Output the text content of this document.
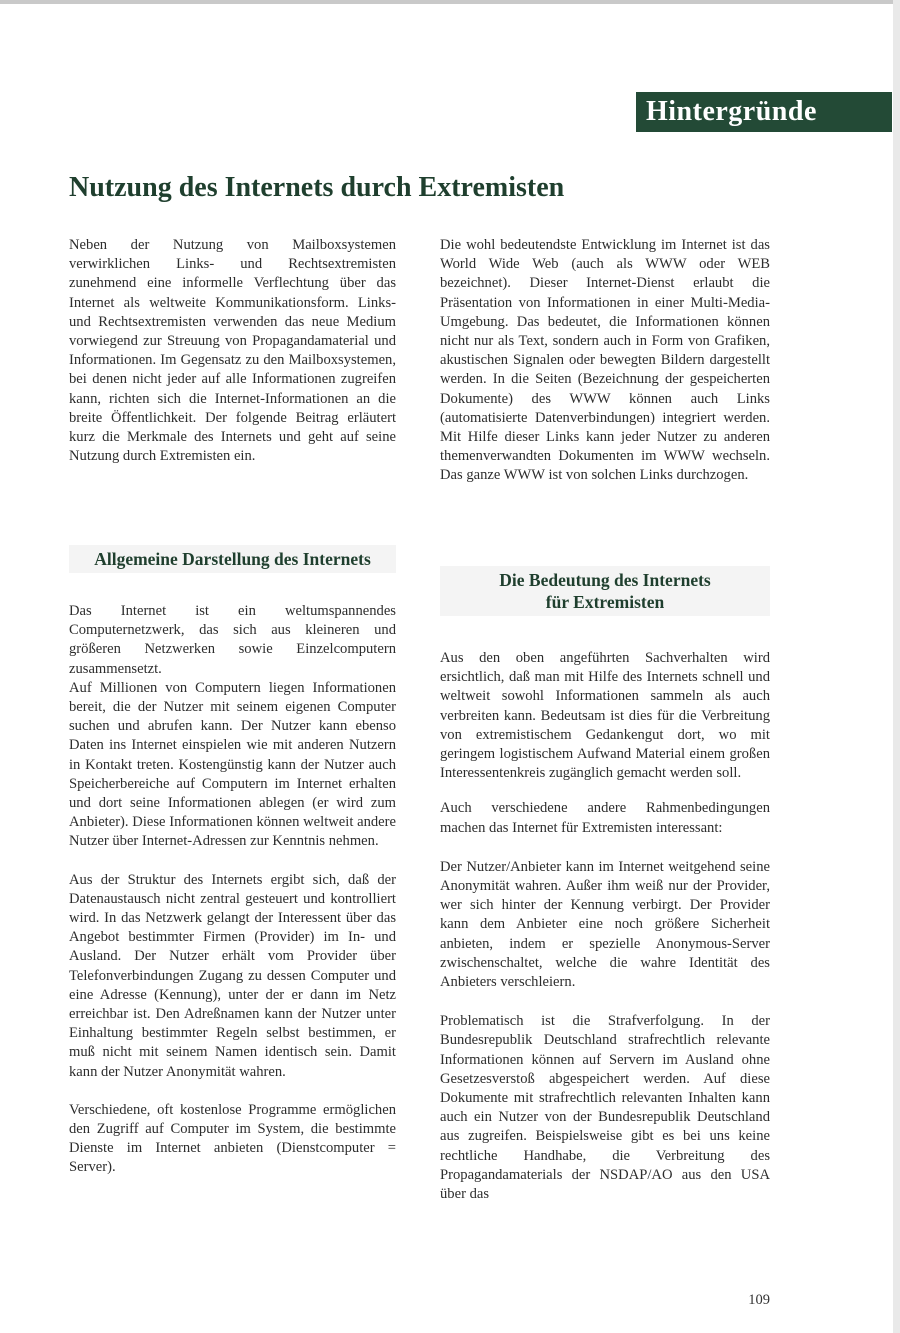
Hintergründe
Nutzung des Internets durch Extremisten

Neben der Nutzung von Mailboxsystemen verwirklichen Links- und Rechtsextremisten zunehmend eine informelle Verflechtung über das Internet als weltweite Kommunikationsform. Links- und Rechtsextremisten verwenden das neue Medium vorwiegend zur Streuung von Propagandamaterial und Informationen. Im Gegensatz zu den Mailboxsystemen, bei denen nicht jeder auf alle Informationen zugreifen kann, richten sich die Internet-Informationen an die breite Öffentlichkeit. Der folgende Beitrag erläutert kurz die Merkmale des Internets und geht auf seine Nutzung durch Extremisten ein.

Die wohl bedeutendste Entwicklung im Internet ist das World Wide Web (auch als WWW oder WEB bezeichnet). Dieser Internet-Dienst erlaubt die Präsentation von Informationen in einer Multi-Media-Umgebung. Das bedeutet, die Informationen können nicht nur als Text, sondern auch in Form von Grafiken, akustischen Signalen oder bewegten Bildern dargestellt werden. In die Seiten (Bezeichnung der gespeicherten Dokumente) des WWW können auch Links (automatisierte Datenverbindungen) integriert werden. Mit Hilfe dieser Links kann jeder Nutzer zu anderen themenverwandten Dokumenten im WWW wechseln. Das ganze WWW ist von solchen Links durchzogen.

Allgemeine Darstellung des Internets

Das Internet ist ein weltumspannendes Computernetzwerk, das sich aus kleineren und größeren Netzwerken sowie Einzelcomputern zusammensetzt.

Auf Millionen von Computern liegen Informationen bereit, die der Nutzer mit seinem eigenen Computer suchen und abrufen kann. Der Nutzer kann ebenso Daten ins Internet einspielen wie mit anderen Nutzern in Kontakt treten. Kostengünstig kann der Nutzer auch Speicherbereiche auf Computern im Internet erhalten und dort seine Informationen ablegen (er wird zum Anbieter). Diese Informationen können weltweit andere Nutzer über Internet-Adressen zur Kenntnis nehmen.

Aus der Struktur des Internets ergibt sich, daß der Datenaustausch nicht zentral gesteuert und kontrolliert wird. In das Netzwerk gelangt der Interessent über das Angebot bestimmter Firmen (Provider) im In- und Ausland. Der Nutzer erhält vom Provider über Telefonverbindungen Zugang zu dessen Computer und eine Adresse (Kennung), unter der er dann im Netz erreichbar ist. Den Adreßnamen kann der Nutzer unter Einhaltung bestimmter Regeln selbst bestimmen, er muß nicht mit seinem Namen identisch sein. Damit kann der Nutzer Anonymität wahren.

Verschiedene, oft kostenlose Programme ermöglichen den Zugriff auf Computer im System, die bestimmte Dienste im Internet anbieten (Dienstcomputer = Server).

Die Bedeutung des Internets
für Extremisten

Aus den oben angeführten Sachverhalten wird ersichtlich, daß man mit Hilfe des Internets schnell und weltweit sowohl Informationen sammeln als auch verbreiten kann. Bedeutsam ist dies für die Verbreitung von extremistischem Gedankengut dort, wo mit geringem logistischem Aufwand Material einem großen Interessentenkreis zugänglich gemacht werden soll.

Auch verschiedene andere Rahmenbedingungen machen das Internet für Extremisten interessant:

Der Nutzer/Anbieter kann im Internet weitgehend seine Anonymität wahren. Außer ihm weiß nur der Provider, wer sich hinter der Kennung verbirgt. Der Provider kann dem Anbieter eine noch größere Sicherheit anbieten, indem er spezielle Anonymous-Server zwischenschaltet, welche die wahre Identität des Anbieters verschleiern.

Problematisch ist die Strafverfolgung. In der Bundesrepublik Deutschland strafrechtlich relevante Informationen können auf Servern im Ausland ohne Gesetzesverstoß abgespeichert werden. Auf diese Dokumente mit strafrechtlich relevanten Inhalten kann auch ein Nutzer von der Bundesrepublik Deutschland aus zugreifen. Beispielsweise gibt es bei uns keine rechtliche Handhabe, die Verbreitung des Propagandamaterials der NSDAP/AO aus den USA über das

109
